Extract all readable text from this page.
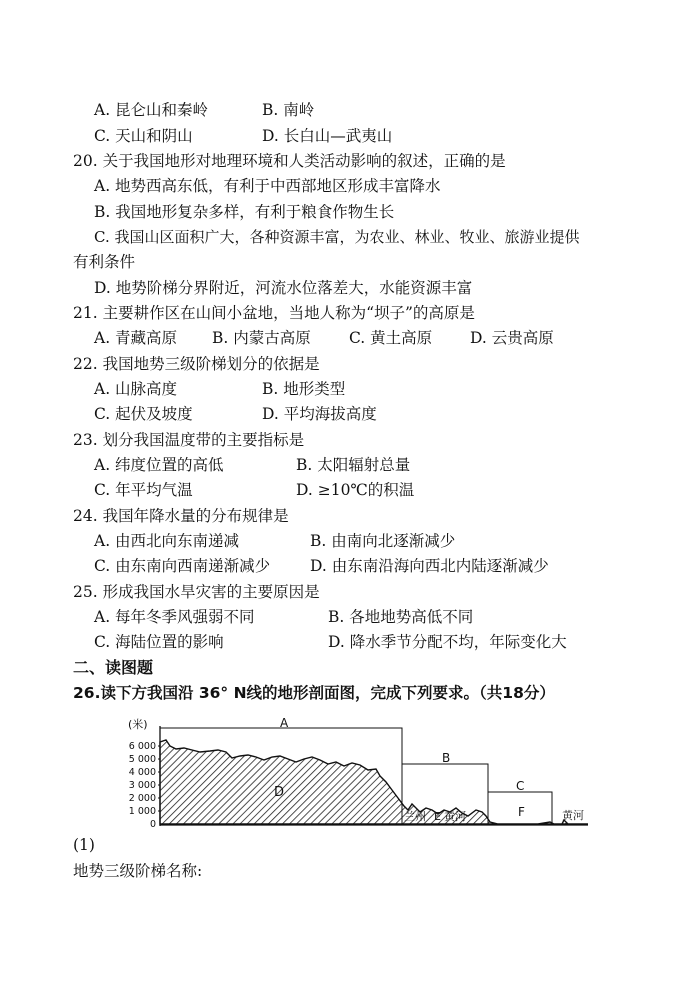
A. 昆仑山和秦岭	B. 南岭
C. 天山和阴山	D. 长白山—武夷山
20. 关于我国地形对地理环境和人类活动影响的叙述，正确的是
A. 地势西高东低，有利于中西部地区形成丰富降水
B. 我国地形复杂多样，有利于粮食作物生长
C. 我国山区面积广大，各种资源丰富，为农业、林业、牧业、旅游业提供
有利条件
D. 地势阶梯分界附近，河流水位落差大，水能资源丰富
21. 主要耕作区在山间小盆地，当地人称为“坝子”的高原是
A. 青藏高原 B. 内蒙古高原 C. 黄土高原 D. 云贵高原
22. 我国地势三级阶梯划分的依据是
A. 山脉高度	B. 地形类型
C. 起伏及坡度	D. 平均海拔高度
23. 划分我国温度带的主要指标是
A. 纬度位置的高低	B. 太阳辐射总量
C. 年平均气温	D. ≥10℃的积温
24. 我国年降水量的分布规律是
A. 由西北向东南递减	B. 由南向北逐渐减少
C. 由东南向西南递渐减少	D. 由东南沿海向西北内陆逐渐减少
25. 形成我国水旱灾害的主要原因是
A. 每年冬季风强弱不同	B. 各地地势高低不同
C. 海陆位置的影响	D. 降水季节分配不均，年际变化大
二、读图题
26.读下方我国沿 36° N线的地形剖面图，完成下列要求。（共18分）
(米)
6 000
5 000
4 000
3 000
2 000
1 000
0
A
B
C
D
兰州 E 黄河	F	黄河
(1)
地势三级阶梯名称:
